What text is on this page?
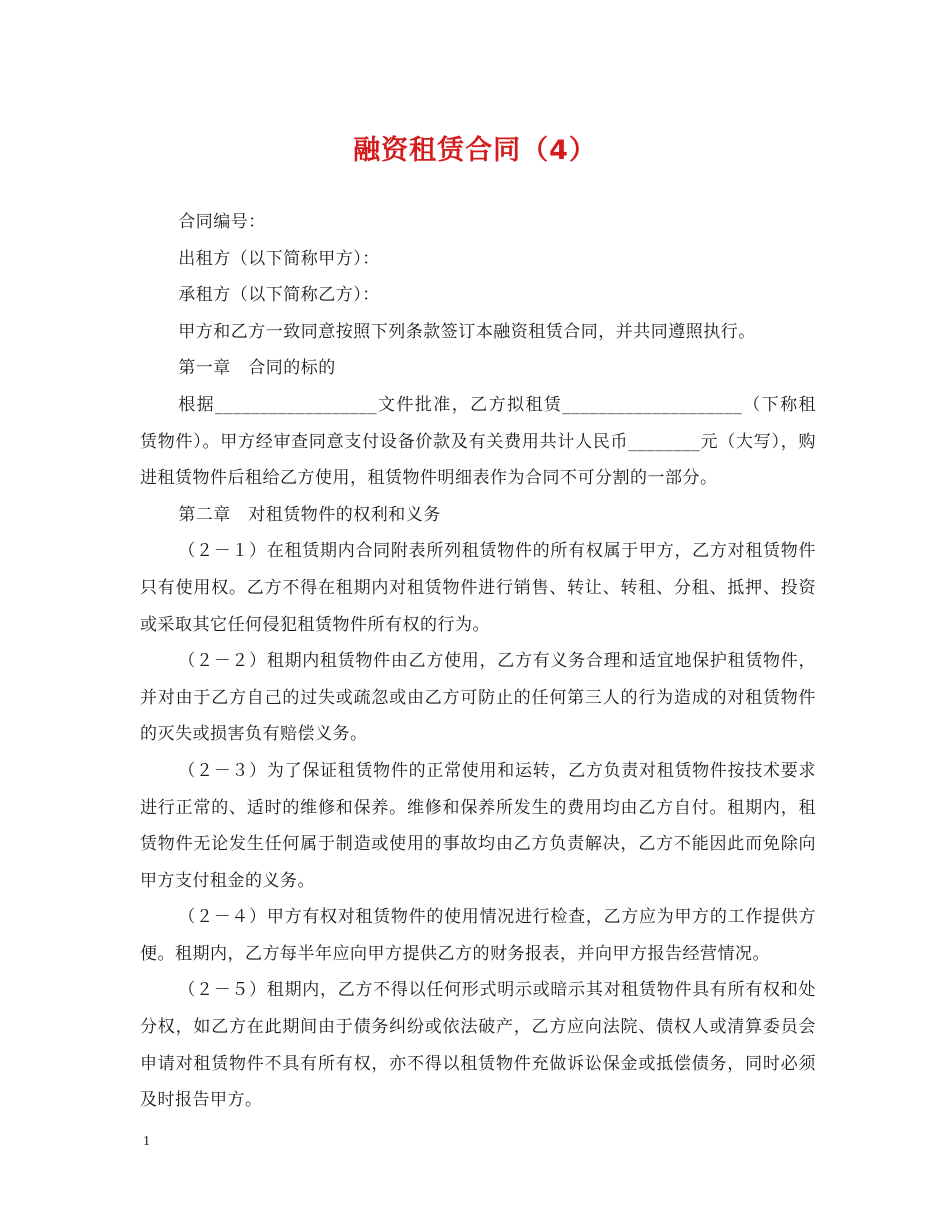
融资租赁合同（4）

合同编号：

出租方（以下简称甲方）：

承租方（以下简称乙方）：

甲方和乙方一致同意按照下列条款签订本融资租赁合同，并共同遵照执行。

第一章　合同的标的

根据__________________文件批准，乙方拟租赁____________________（下称租赁物件）。甲方经审查同意支付设备价款及有关费用共计人民币________元（大写），购进租赁物件后租给乙方使用，租赁物件明细表作为合同不可分割的一部分。

第二章　对租赁物件的权利和义务

（２－１）在租赁期内合同附表所列租赁物件的所有权属于甲方，乙方对租赁物件只有使用权。乙方不得在租期内对租赁物件进行销售、转让、转租、分租、抵押、投资或采取其它任何侵犯租赁物件所有权的行为。

（２－２）租期内租赁物件由乙方使用，乙方有义务合理和适宜地保护租赁物件，并对由于乙方自己的过失或疏忽或由乙方可防止的任何第三人的行为造成的对租赁物件的灭失或损害负有赔偿义务。

（２－３）为了保证租赁物件的正常使用和运转，乙方负责对租赁物件按技术要求进行正常的、适时的维修和保养。维修和保养所发生的费用均由乙方自付。租期内，租赁物件无论发生任何属于制造或使用的事故均由乙方负责解决，乙方不能因此而免除向甲方支付租金的义务。

（２－４）甲方有权对租赁物件的使用情况进行检查，乙方应为甲方的工作提供方便。租期内，乙方每半年应向甲方提供乙方的财务报表，并向甲方报告经营情况。

（２－５）租期内，乙方不得以任何形式明示或暗示其对租赁物件具有所有权和处分权，如乙方在此期间由于债务纠纷或依法破产，乙方应向法院、债权人或清算委员会申请对租赁物件不具有所有权，亦不得以租赁物件充做诉讼保金或抵偿债务，同时必须及时报告甲方。

1
